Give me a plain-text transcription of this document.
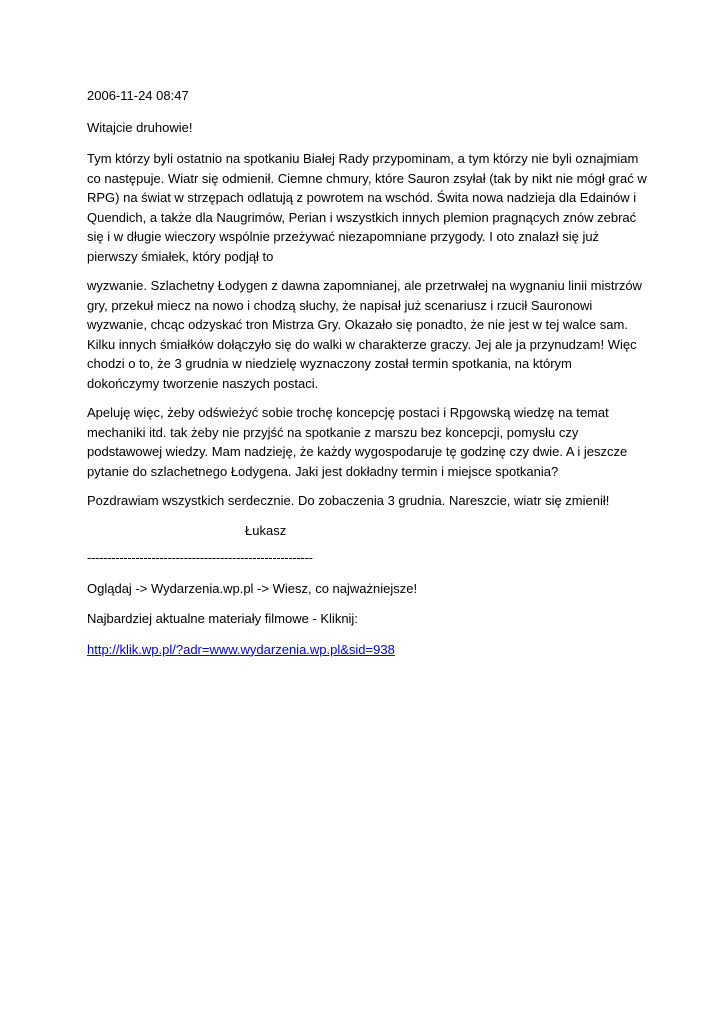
2006-11-24 08:47

Witajcie druhowie!

Tym którzy byli ostatnio na spotkaniu Białej Rady przypominam, a tym którzy nie byli oznajmiam co następuje. Wiatr się odmienił. Ciemne chmury, które Sauron zsyłał (tak by nikt nie mógł grać w RPG) na świat w strzępach odlatują z powrotem na wschód. Świta nowa nadzieja dla Edainów i Quendich, a także dla Naugrimów, Perian i wszystkich innych plemion pragnących znów zebrać się i w długie wieczory wspólnie przeżywać niezapomniane przygody. I oto znalazł się już pierwszy śmiałek, który podjął to

wyzwanie. Szlachetny Łodygen z dawna zapomnianej, ale przetrwałej na wygnaniu linii mistrzów gry, przekuł miecz na nowo i chodzą słuchy, że napisał już scenariusz i rzucił Sauronowi wyzwanie, chcąc odzyskać tron Mistrza Gry. Okazało się ponadto, że nie jest w tej walce sam. Kilku innych śmiałków dołączyło się do walki w charakterze graczy. Jej ale ja przynudzam! Więc chodzi o to, że 3 grudnia w niedzielę wyznaczony został termin spotkania, na którym dokończymy tworzenie naszych postaci.

Apeluję więc, żeby odświeżyć sobie trochę koncepcję postaci i Rpgowską wiedzę na temat mechaniki itd. tak żeby nie przyjść na spotkanie z marszu bez koncepcji, pomysłu czy podstawowej wiedzy. Mam nadzieję, że każdy wygospodaruje tę godzinę czy dwie. A i jeszcze pytanie do szlachetnego Łodygena. Jaki jest dokładny termin i miejsce spotkania?

Pozdrawiam wszystkich serdecznie. Do zobaczenia 3 grudnia. Nareszcie, wiatr się zmienił!

Łukasz

--------------------------------------------------------

Oglądaj -> Wydarzenia.wp.pl -> Wiesz, co najważniejsze!

Najbardziej aktualne materiały filmowe - Kliknij:

http://klik.wp.pl/?adr=www.wydarzenia.wp.pl&sid=938
